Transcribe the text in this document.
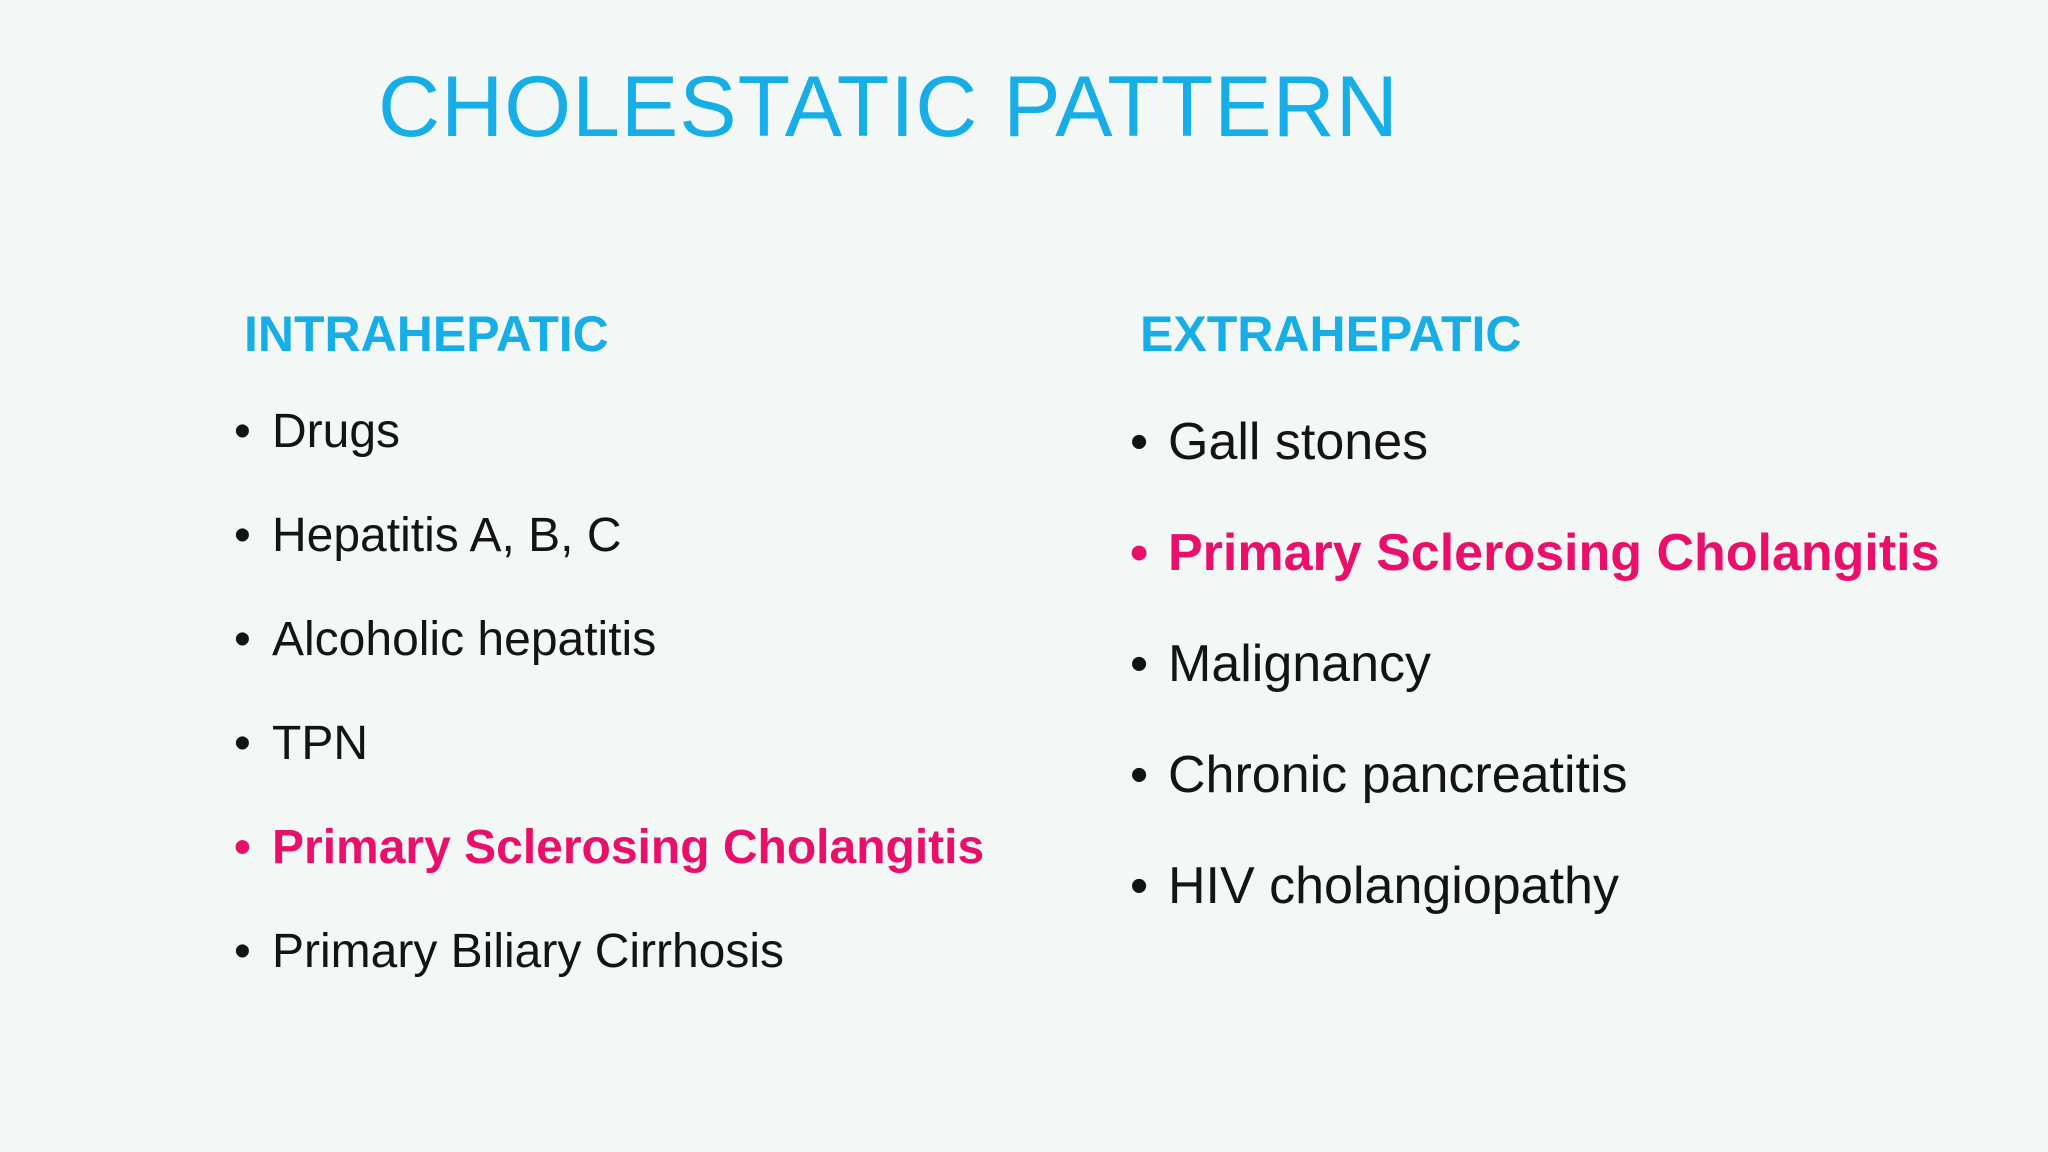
CHOLESTATIC PATTERN
INTRAHEPATIC
• Drugs
• Hepatitis A, B, C
• Alcoholic hepatitis
• TPN
• Primary Sclerosing Cholangitis
• Primary Biliary Cirrhosis
EXTRAHEPATIC
• Gall stones
• Primary Sclerosing Cholangitis
• Malignancy
• Chronic pancreatitis
• HIV cholangiopathy
